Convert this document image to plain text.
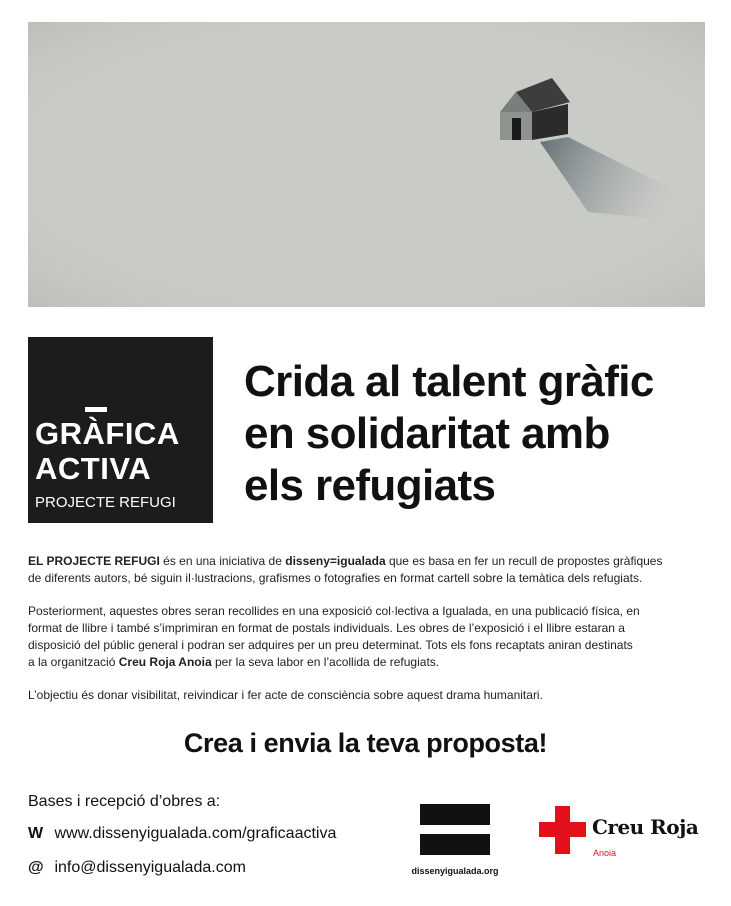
GRÀFICA
ACTIVA
PROJECTE REFUGI
Crida al talent gràfic
en solidaritat amb
els refugiats

EL PROJECTE REFUGI és en una iniciativa de disseny=igualada que es basa en fer un recull de propostes gràfiques
de diferents autors, bé siguin il·lustracions, grafismes o fotografies en format cartell sobre la temàtica dels refugiats.

Posteriorment, aquestes obres seran recollides en una exposició col·lectiva a Igualada, en una publicació física, en
format de llibre i també s’imprimiran en format de postals individuals. Les obres de l’exposició i el llibre estaran a
disposició del públic general i podran ser adquires per un preu determinat. Tots els fons recaptats aniran destinats
a la organització Creu Roja Anoia per la seva labor en l’acollida de refugiats.

L’objectiu és donar visibilitat, reivindicar i fer acte de consciència sobre aquest drama humanitari.

Crea i envia la teva proposta!

Bases i recepció d’obres a:

W www.dissenyigualada.com/graficaactiva
@ info@dissenyigualada.com	dissenyigualada.org
Creu Roja
Anoia
